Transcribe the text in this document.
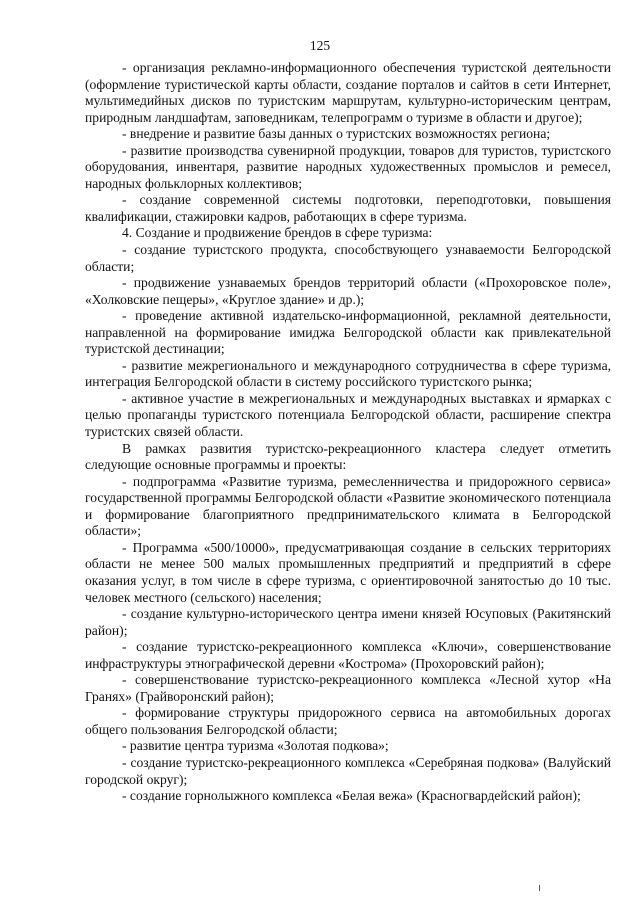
125

- организация рекламно-информационного обеспечения туристской деятельности (оформление туристической карты области, создание порталов и сайтов в сети Интернет, мультимедийных дисков по туристским маршрутам, культурно-историческим центрам, природным ландшафтам, заповедникам, телепрограмм о туризме в области и другое);

- внедрение и развитие базы данных о туристских возможностях региона;

- развитие производства сувенирной продукции, товаров для туристов, туристского оборудования, инвентаря, развитие народных художественных промыслов и ремесел, народных фольклорных коллективов;

- создание современной системы подготовки, переподготовки, повышения квалификации, стажировки кадров, работающих в сфере туризма.

4. Создание и продвижение брендов в сфере туризма:

- создание туристского продукта, способствующего узнаваемости Белгородской области;

- продвижение узнаваемых брендов территорий области («Прохоровское поле», «Холковские пещеры», «Круглое здание» и др.);

- проведение активной издательско-информационной, рекламной деятельности, направленной на формирование имиджа Белгородской области как привлекательной туристской дестинации;

- развитие межрегионального и международного сотрудничества в сфере туризма, интеграция Белгородской области в систему российского туристского рынка;

- активное участие в межрегиональных и международных выставках и ярмарках с целью пропаганды туристского потенциала Белгородской области, расширение спектра туристских связей области.

В рамках развития туристско-рекреационного кластера следует отметить следующие основные программы и проекты:

- подпрограмма «Развитие туризма, ремесленничества и придорожного сервиса» государственной программы Белгородской области «Развитие экономического потенциала и формирование благоприятного предпринимательского климата в Белгородской области»;

- Программа «500/10000», предусматривающая создание в сельских территориях области не менее 500 малых промышленных предприятий и предприятий в сфере оказания услуг, в том числе в сфере туризма, с ориентировочной занятостью до 10 тыс. человек местного (сельского) населения;

- создание культурно-исторического центра имени князей Юсуповых (Ракитянский район);

- создание туристско-рекреационного комплекса «Ключи», совершенствование инфраструктуры этнографической деревни «Кострома» (Прохоровский район);

- совершенствование туристско-рекреационного комплекса «Лесной хутор «На Гранях» (Грайворонский район);

- формирование структуры придорожного сервиса на автомобильных дорогах общего пользования Белгородской области;

- развитие центра туризма «Золотая подкова»;

- создание туристско-рекреационного комплекса «Серебряная подкова» (Валуйский городской округ);

- создание горнолыжного комплекса «Белая вежа» (Красногвардейский район);
